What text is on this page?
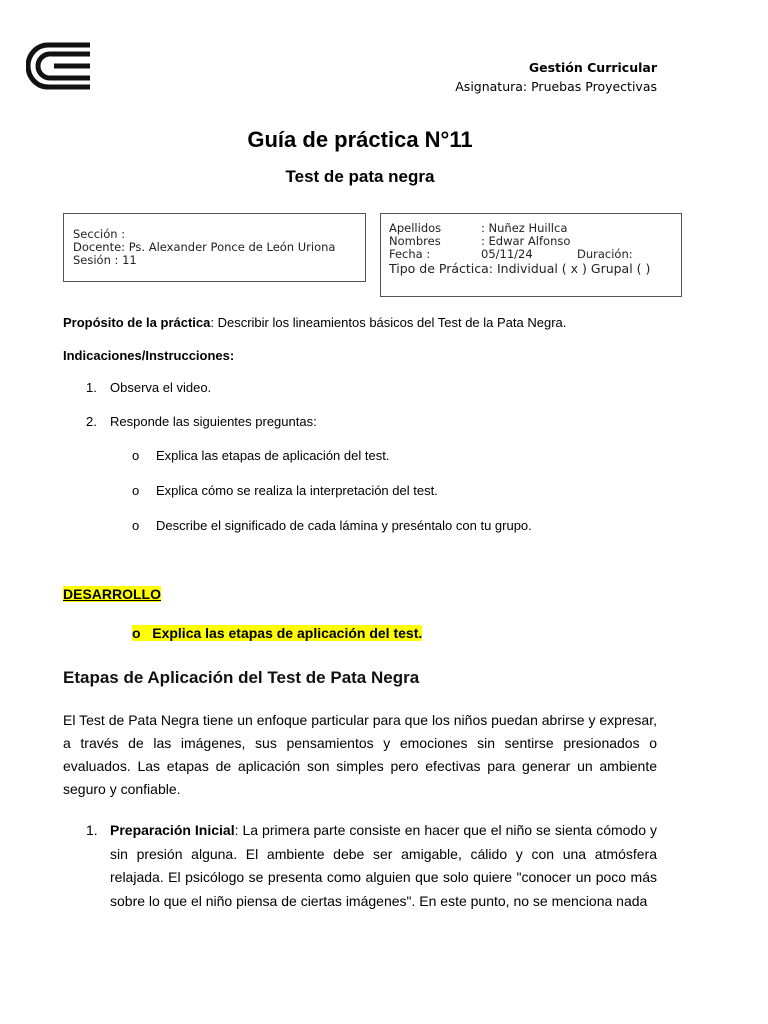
Gestión Curricular
Asignatura: Pruebas Proyectivas
Guía de práctica N°11
Test de pata negra
Sección :
Docente: Ps. Alexander Ponce de León Uriona
Sesión : 11
Apellidos	: Nuñez Huillca
Nombres	: Edwar Alfonso
Fecha :	05/11/24	Duración:
Tipo de Práctica: Individual ( x ) Grupal ( )
Propósito de la práctica: Describir los lineamientos básicos del Test de la Pata Negra.
Indicaciones/Instrucciones:
1.	Observa el video.
2.	Responde las siguientes preguntas:
o	Explica las etapas de aplicación del test.
o	Explica cómo se realiza la interpretación del test.
o	Describe el significado de cada lámina y preséntalo con tu grupo.
DESARROLLO
o Explica las etapas de aplicación del test.
Etapas de Aplicación del Test de Pata Negra
El Test de Pata Negra tiene un enfoque particular para que los niños puedan abrirse y expresar, a través de las imágenes, sus pensamientos y emociones sin sentirse presionados o evaluados. Las etapas de aplicación son simples pero efectivas para generar un ambiente seguro y confiable.
1. Preparación Inicial: La primera parte consiste en hacer que el niño se sienta cómodo y sin presión alguna. El ambiente debe ser amigable, cálido y con una atmósfera relajada. El psicólogo se presenta como alguien que solo quiere "conocer un poco más sobre lo que el niño piensa de ciertas imágenes". En este punto, no se menciona nada
